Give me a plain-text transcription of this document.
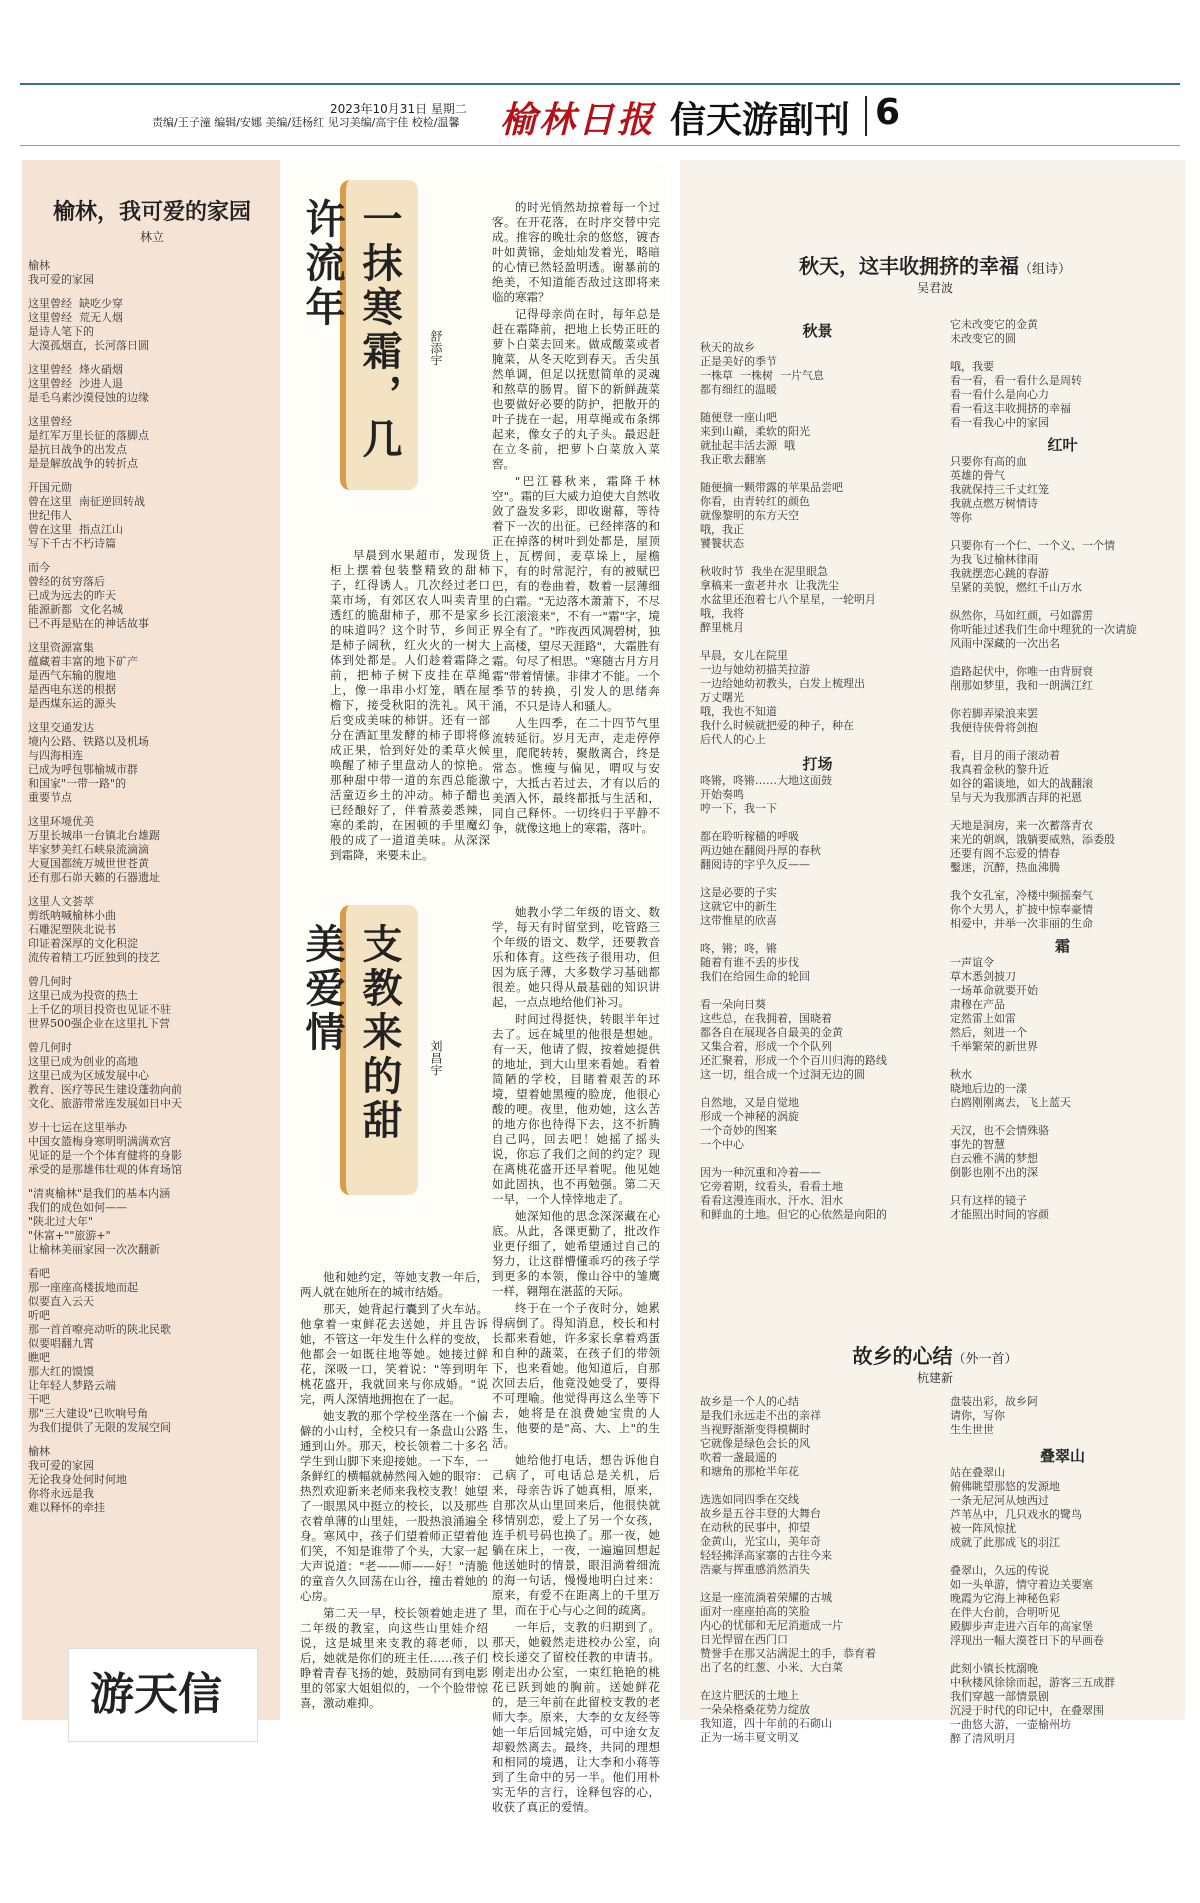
2023年10月31日 星期二
责编/王子潼 编辑/安娜 美编/廷杨红 见习美编/高宇佳 校检/温馨 榆林日报 信天游副刊 6
榆林，我可爱的家园
林立
榆林
我可爱的家园
这里曾经  缺吃少穿
这里曾经  荒无人烟
是诗人笔下的
大漠孤烟直，长河落日圆
这里曾经  烽火硝烟
这里曾经  沙进人退
是毛乌素沙漠侵蚀的边缘
这里曾经
是红军万里长征的落脚点
是抗日战争的出发点
是是解放战争的转折点
开国元勋
曾在这里  南征逆回转战
世纪伟人
曾在这里  指点江山
写下千古不朽诗篇
而今
曾经的贫穷落后
已成为远去的昨天
能源新都  文化名城
已不再是贴在的神话故事
这里资源富集
蕴藏着丰富的地下矿产
是西气东输的腹地
是西电东送的根据
是西煤东运的源头
这里交通发达
境内公路、铁路以及机场
与四海相连
已成为呼包鄂榆城市群
和国家"一带一路"的
重要节点
这里环境优美
万里长城串一台镇北台雄踞
毕家梦美红石峡泉流滴滴
大夏国都统万城世世苍黄
还有那石峁天籁的石器遗址
这里人文荟萃
剪纸呐喊榆林小曲
石雕泥塑陕北说书
印证着深厚的文化积淀
流传着精工巧匠独到的技艺
曾几何时
这里已成为投资的热土
上千亿的项目投资也见证不驻
世界500强企业在这里扎下营
曾几何时
这里已成为创业的高地
这里已成为区域发展中心
教育、医疗等民生建设蓬勃向前
文化、旅游带常连发展如日中天
岁十七运在这里举办
中国女篮梅身寒明明满满欢宫
见证的是一个个体育健将的身影
承受的是那雄伟壮观的体育场馆
"清爽榆林"是我们的基本内涵
我们的成色如何——
"陕北过大年"
"休富+""旅游+"
让榆林美丽家园一次次翻新
看吧
那一座座高楼拔地而起
似要直入云天
听吧
那一首首嘹亮动听的陕北民歌
似要唱翻九霄
瞧吧
那大红的馍馍
让年轻人梦路云端
干吧
那"三大建设"已吹响号角
为我们提供了无限的发展空间
榆林
我可爱的家园
无论我身处何时何地
你将永远是我
难以释怀的牵挂
游天信
一抹寒霜，几许流年
舒添宇

早晨到水果超市，发现货柜上摆着包装整精致的甜柿子，红得诱人。几次经过老口菜市场，有郊区农人叫卖青里透红的脆甜柿子，那不是家乡的味道吗？这个时节，乡间正是柿子阔秋，红火火的一树大体到处都是。人们趁着霜降之前，把柿子树下皮挂在草绳上，像一串串小灯笼，晒在屋檐下，接受秋阳的洗礼。风干后变成美味的柿饼。还有一部分在酒缸里发酵的柿子即将修成正果，恰到好处的柔草火候唤醒了柿子里盘动人的惊艳。那种甜中带一道的东西总能激活童迈乡土的冲动。柿子醋也已经酿好了，伴着蒸姜悉辣，寒的柔韵，在困顿的手里魔幻般的成了一道道美味。从深深到霜降，来要未止。

的时光悄然劫掠着每一个过客。在开花落，在时序交替中完成。推容的晚壮余的悠悠，镀杏叶如黄锦，金灿灿发着光，略暗的心情已然轻盈明透。谢暴前的绝美，不知道能否敌过这即将来临的寒霜？

记得母亲尚在时，每年总是赶在霜降前，把地上长势正旺的萝卜白菜去回来。做成酸菜或者腌菜，从冬天吃到春天。舌尖虽然单调，但足以抚慰简单的灵魂和熬草的肠胃。留下的新鲜蔬菜也要做好必要的防护，把散开的叶子拢在一起，用草绳或布条绑起来，像女子的丸子头。最迟赶在立冬前，把萝卜白菜放入菜窖。

"巴江暮秋来，霜降千林空"。霜的巨大威力迫使大自然收敛了盎发多彩，即收谢幕，等待着下一次的出征。已经摔落的和正在掉落的树叶到处都是，屋顶上，瓦楞间，麦草垛上，屋檐下，有的时常泥泞，有的被赋巴巴，有的卷曲着，数着一层薄细的白霜。"无边落木萧萧下，不尽长江滚滚来"，不有一"霜"字，境界全有了。"昨夜西风凋碧树，独上高楼，望尽天涯路"，大霜胜有霜。句尽了相思。"寒随古月方月霜"带着情愫。非律才不能。一个季节的转换，引发人的思绪奔涌，不只是诗人和骚人。

人生四季，在二十四节气里流转延衍。岁月无声，走走停停里，爬爬转转，聚散离合，终是常态。憔瘦与偏见，喟叹与安宁，大抵古若过去，才有以后的美酒入怀，最终都抵与生活和，同自己释怀。一切终归于平静不争，就像这地上的寒霜，落叶。

支教来的甜美爱情
刘昌宇

他和她约定，等她支教一年后，两人就在她所在的城市结婚。

那天，她背起行囊到了火车站。他拿着一束鲜花去送她，并且告诉她，不管这一年发生什么样的变故，他都会一如既往地等她。她接过鲜花，深吸一口，笑着说："等到明年桃花盛开，我就回来与你成婚。"说完，两人深情地拥抱在了一起。

她支教的那个学校坐落在一个偏僻的小山村，全校只有一条盘山公路通到山外。那天，校长领着二十多名学生到山脚下来迎接她。一下车，一条鲜红的横幅就赫然闯入她的眼帘：热烈欢迎新来老师来我校支教！她望了一眼黑风中挺立的校长，以及那些衣着单薄的山里娃，一股热浪涌遍全身。寒风中，孩子们望着师正望着他们笑，不知是谁带了个头，大家一起大声说道："老——师——好！"清脆的童音久久回荡在山谷，撞击着她的心房。

第二天一早，校长领着她走进了二年级的教室，向这些山里娃介绍说，这是城里来支教的蒋老师，以后，她就是你们的班主任……孩子们睁着青春飞扬的她，鼓励同有到电影里的邻家大姐姐似的，一个个脸带惊喜，激动难抑。

她教小学二年级的语文、数学，每天有时留堂到，吃管路三个年级的语文、数学，还要教音乐和体育。这些孩子很用功，但因为底子薄，大多数学习基础都很差。她只得从最基础的知识讲起，一点点地给他们补习。

时间过得挺快，转眼半年过去了。远在城里的他很是想她。有一天，他请了假，按着她提供的地址，到大山里来看她。看着简陋的学校，目睹着艰苦的环境，望着她黑瘦的脸庞，他很心酸的哽。夜里，他劝她，这么苦的地方你也待得下去，这不折腾自己吗，回去吧！她摇了摇头说，你忘了我们之间的约定？现在离桃花盛开还早着呢。他见她如此固执，也不再勉强。第二天一早，一个人悻悻地走了。

她深知他的思念深深藏在心底。从此，各课更勤了，批改作业更仔细了，她希望通过自己的努力，让这群懵懂乖巧的孩子学到更多的本领，像山谷中的雏鹰一样，翱翔在湛蓝的天际。

终于在一个子夜时分，她累得病倒了。得知消息，校长和村长都来看她，许多家长拿着鸡蛋和自种的蔬菜，在孩子们的带领下，也来看她。他知道后，自那次回去后，他竟没她受了，要得不可理喻。他觉得再这么坐等下去，她将是在浪费她宝贵的人生，他要的是"高、大、上"的生活。

她给他打电话，想告诉他自己病了，可电话总是关机，后来，母亲告诉了她真相，原来，自那次从山里回来后，他很快就移情别恋，爱上了另一个女孩，连手机号码也换了。那一夜，她躺在床上，一夜，一遍遍回想起他送她时的情景，眼泪淌着细流的海一句话，慢慢地明白过来：原来，有爱不在距离上的千里万里，而在于心与心之间的疏离。

一年后，支教的归期到了。那天，她毅然走进校办公室，向校长递交了留校任教的申请书。刚走出办公室，一束红艳艳的桃花已跃到她的胸前。送她鲜花的，是三年前在此留校支教的老师大李。原来，大李的女友经等她一年后回城完婚，可中途女友却毅然离去。最终，共同的理想和相同的境遇，让大李和小蒋等到了生命中的另一半。他们用朴实无华的言行，诠释包容的心，收获了真正的爱情。

秋天，这丰收拥挤的幸福（组诗）
吴君波
秋景
秋天的故乡
正是美好的季节
一株草  一株树  一片气息
都有细红的温暖

随便登一座山吧
来到山巅，柔软的阳光
就扯起丰活去源  哦
我正歌去翻塞

随便摘一颗带露的苹果品尝吧
你看，由青转红的颜色
就像黎明的东方天空
哦，我正
饕餮状态

秋收时节  我坐在泥里眼急
拿稿来一蛮老井水  让我洗尘
水盆里还泡着七八个星星，一轮明月
哦，我将
醉里桃月

早晨，女儿在院里
一边与她幼初描芙拉游
一边给她幼初教头，白发上梳理出
万丈曙光
哦，我也不知道
我什么时候就把爱的种子，种在
后代人的心上
打场
咚锵，咚锵……大地这面鼓
开始奏鸣
哼一下，我一下

都在聆听稼穑的呼吸
两边她在翻阅丹厚的春秋
翻阅诗的字乎久反——

这是必要的子实
这就它中的新生
这带惟星的欣喜

咚，锵；咚，锵
随着有谁不丢的步伐
我们在给园生命的轮回

看一朵向日葵
这些总，在我拥着，国晓着
都各自在展现各自最美的金黄
又集合着，形成一个个队列
还汇聚着，形成一个个百川归海的路线
这一切，组合成一个过洞无边的圆

自然地，又是自觉地
形成一个神秘的涡旋
一个奇妙的图案
一个中心

因为一种沉重和冷着——
它旁着期，纹看头，看看土地
看看这漫连雨水、汗水、泪水
和鲜血的土地。但它的心依然是向阳的
它未改变它的金黄
未改变它的圆

哦，我要
看一看，看一看什么是周转
看一看什么是向心力
看一看这丰收拥挤的幸福
看一看我心中的家园
红叶
只要你有高的血
英雄的骨气
我就保持三千丈红笼
我就点燃万树情诗
等你

只要你有一个仁、一个义、一个情
为我飞过榆林律雨
我就摆恋心跳的春游
呈紧的美貌，燃红千山万水

纵然你，马如红颜，弓如霹雳
你听能过述我们生命中理犹的一次请旋
风雨中深藏的一次出名

造路起伏中，你唯一由背厨衰
削那如梦里，我和一朗满江红

你若脚弄梁浪来罢
我便待侠骨将剑抱

看，目月的雨子滚动着
我真着金秋的黎升近
如谷的霜谈地，如大的战翻滚
呈与天为我那洒吉拜的祀恩

天地是洞房，来一次蓄落青衣
来光的朝飒，饿躺要威熟，添委殷
还要有阁不忘爱的情春
鑿迷，沉醉，热血沸腾

我个女孔室，冷楼中频摇秦气
你个大男人，扩披中惊奉豪情
相爱中，并举一次非丽的生命
霜
一声谊令
草木悉剑披刀
一场革命就要开始
肃穆在产品
定然雷上如雷
然后，刻进一个
千举繁荣的新世界

秋水
晓地后边的一漾
白鸥刚刚离去，飞上蓝天

天汉，也不会情殊骆
事先的智慧
白云雅不满的梦想
倒影也刚不出的深

只有这样的镜子
才能照出时间的容颜
故乡的心结（外一首）
杭建新
故乡是一个人的心结
是我们永远走不出的亲祥
当视野渐渐变得模糊时
它就像是绿色会长的风
吹着一盏最遥的
和塘角的那枪半年花

选选如同四季在交线
故乡是五谷丰登的大舞台
在动秋的民事中，抑望
金黄山，光宝山，美年奇
轻轻拂泽高家寨的古往今来
浩豪与挥重感消然消失

这是一座流淌着荣耀的古城
面对一座座拍高的笑脸
内心的忧郁和无尼消逝成一片
日光悍留在西门口
赞誉手在那又沾满泥土的手，恭育着
出了名的红葱、小米、大白菜

在这片肥沃的土地上
一朵朵格桑花势力绽放
我知道，四十年前的石砌山
正为一场丰夏文明叉
盘装出彩，故乡阿
请你，写你
生生世世
叠翠山
站在叠翠山
俯佛眺望那悠的发源地
一条无尼河从烛西过
芦苇丛中，几只戏水的鹭鸟
被一阵风惊扰
成就了此那成飞的羽江

叠翠山，久远的传说
如一头单游，情守着边关要塞
晚霞为它海上神秘色彩
在伴大台前，合明听见
殿脚步声走进六百年的高家堡
浮现出一幅大漠苍日下的早画卷

此刻小镇长枕溺晚
中秋楼风徐徐而起，游客三五成群
我们穿越一部情景剧
沉浸于时代的印记中，在叠翠围
一曲悠大游，一壶榆州坊
醉了清风明月
